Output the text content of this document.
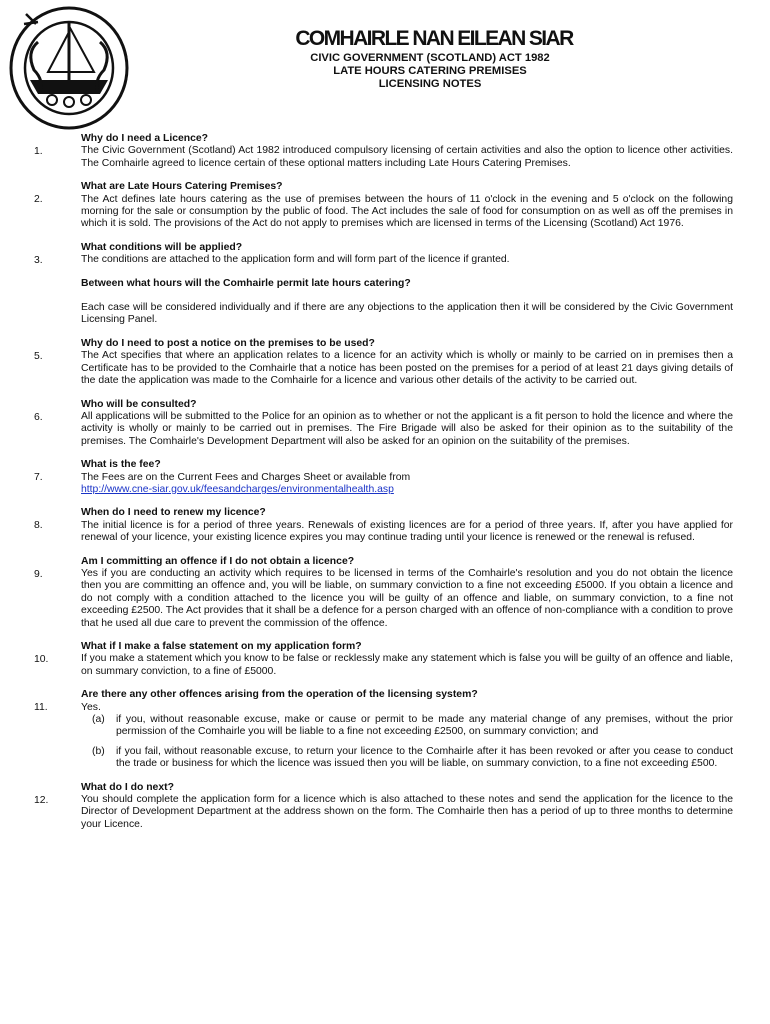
COMHAIRLE NAN EILEAN SIAR
CIVIC GOVERNMENT (SCOTLAND) ACT 1982
LATE HOURS CATERING PREMISES
LICENSING NOTES
1.
Why do I need a Licence?
The Civic Government (Scotland) Act 1982 introduced compulsory licensing of certain activities and also the option to licence other activities. The Comhairle agreed to licence certain of these optional matters including Late Hours Catering Premises.
2.
What are Late Hours Catering Premises?
The Act defines late hours catering as the use of premises between the hours of 11 o'clock in the evening and 5 o'clock on the following morning for the sale or consumption by the public of food. The Act includes the sale of food for consumption on as well as off the premises in which it is sold. The provisions of the Act do not apply to premises which are licensed in terms of the Licensing (Scotland) Act 1976.
3.
What conditions will be applied?
The conditions are attached to the application form and will form part of the licence if granted.
Between what hours will the Comhairle permit late hours catering?
Each case will be considered individually and if there are any objections to the application then it will be considered by the Civic Government Licensing Panel.
5.
Why do I need to post a notice on the premises to be used?
The Act specifies that where an application relates to a licence for an activity which is wholly or mainly to be carried on in premises then a Certificate has to be provided to the Comhairle that a notice has been posted on the premises for a period of at least 21 days giving details of the date the application was made to the Comhairle for a licence and various other details of the activity to be carried out.
6.
Who will be consulted?
All applications will be submitted to the Police for an opinion as to whether or not the applicant is a fit person to hold the licence and where the activity is wholly or mainly to be carried out in premises. The Fire Brigade will also be asked for their opinion as to the suitability of the premises. The Comhairle's Development Department will also be asked for an opinion on the suitability of the premises.
7.
What is the fee?
The Fees are on the Current Fees and Charges Sheet or available from
http://www.cne-siar.gov.uk/feesandcharges/environmentalhealth.asp
8.
When do I need to renew my licence?
The initial licence is for a period of three years. Renewals of existing licences are for a period of three years. If, after you have applied for renewal of your licence, your existing licence expires you may continue trading until your licence is renewed or the renewal is refused.
9.
Am I committing an offence if I do not obtain a licence?
Yes if you are conducting an activity which requires to be licensed in terms of the Comhairle's resolution and you do not obtain the licence then you are committing an offence and, you will be liable, on summary conviction to a fine not exceeding £5000. If you obtain a licence and do not comply with a condition attached to the licence you will be guilty of an offence and liable, on summary conviction, to a fine not exceeding £2500. The Act provides that it shall be a defence for a person charged with an offence of non-compliance with a condition to prove that he used all due care to prevent the commission of the offence.
10.
What if I make a false statement on my application form?
If you make a statement which you know to be false or recklessly make any statement which is false you will be guilty of an offence and liable, on summary conviction, to a fine of £5000.
11.
Are there any other offences arising from the operation of the licensing system?
Yes.
(a) if you, without reasonable excuse, make or cause or permit to be made any material change of any premises, without the prior permission of the Comhairle you will be liable to a fine not exceeding £2500, on summary conviction; and
(b) if you fail, without reasonable excuse, to return your licence to the Comhairle after it has been revoked or after you cease to conduct the trade or business for which the licence was issued then you will be liable, on summary conviction, to a fine not exceeding £500.
12.
What do I do next?
You should complete the application form for a licence which is also attached to these notes and send the application for the licence to the Director of Development Department at the address shown on the form. The Comhairle then has a period of up to three months to determine your Licence.
